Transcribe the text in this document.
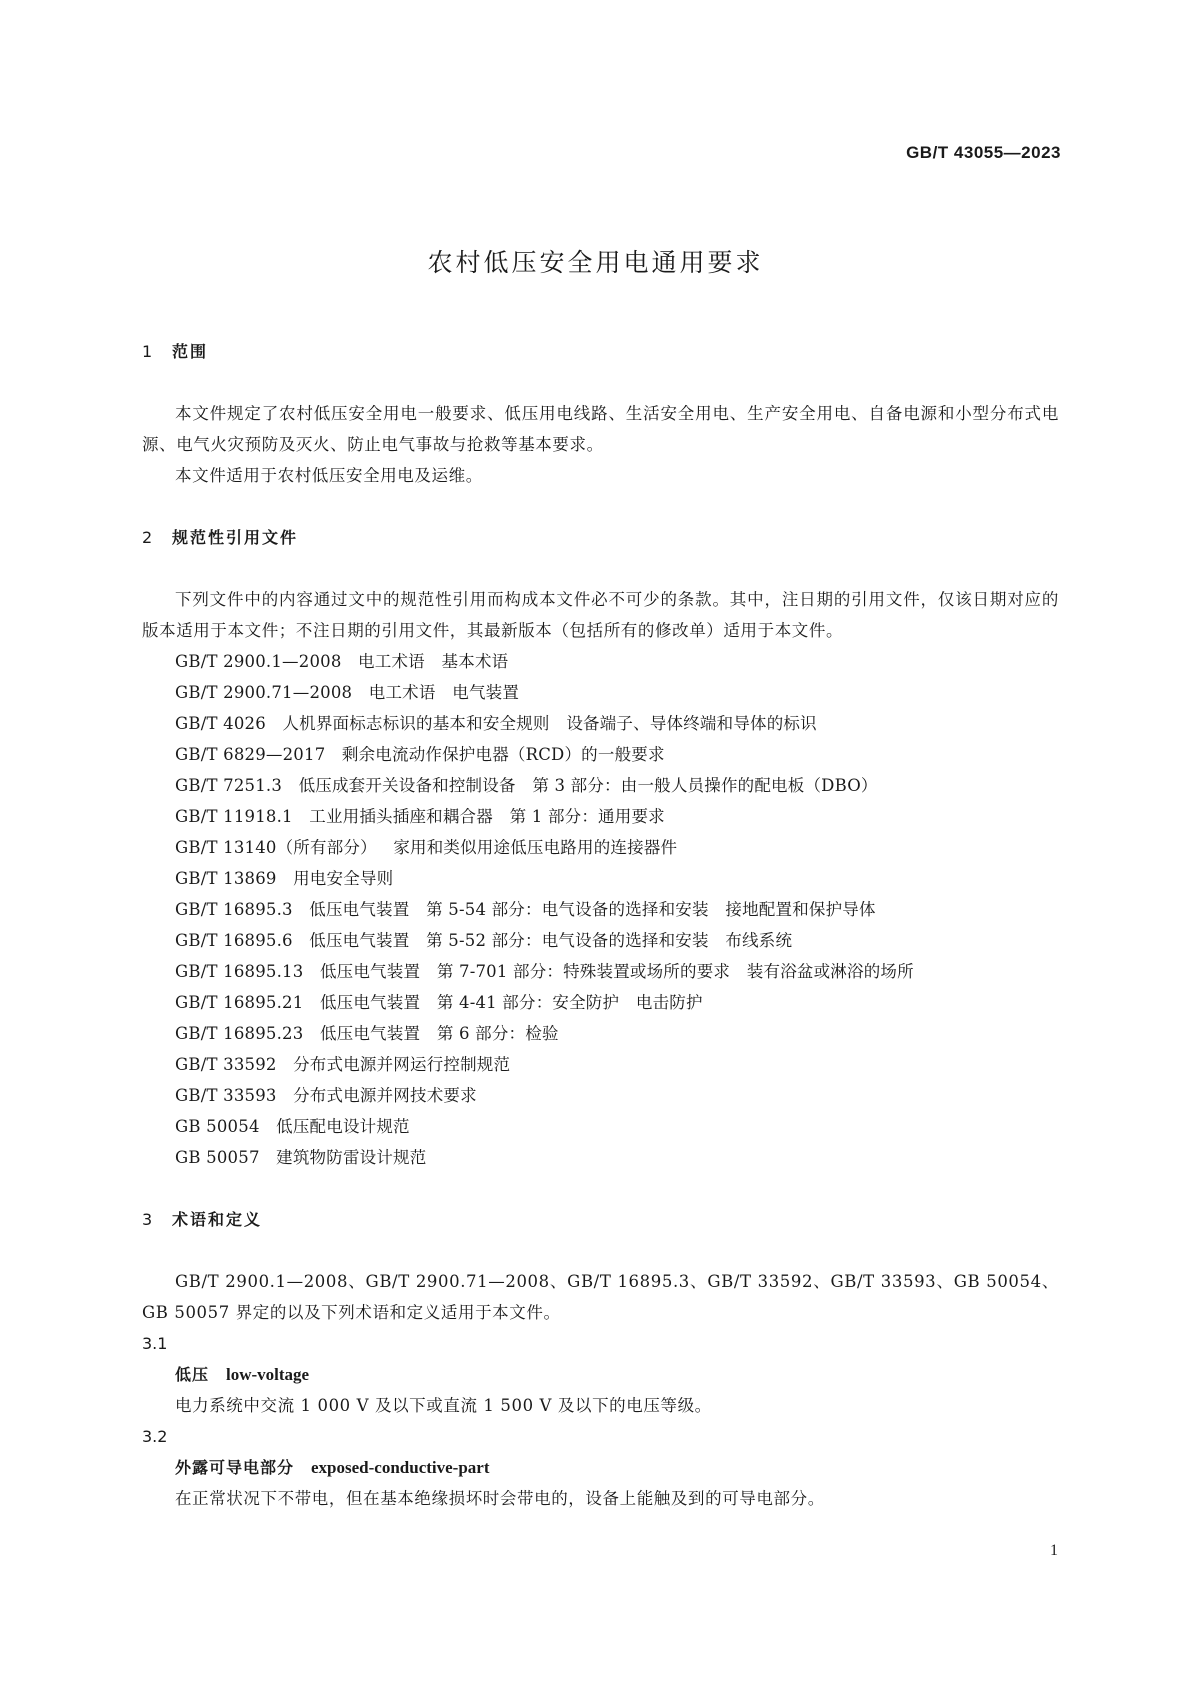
GB/T 43055—2023
农村低压安全用电通用要求
1 范围

本文件规定了农村低压安全用电一般要求、低压用电线路、生活安全用电、生产安全用电、自备电源和小型分布式电源、电气火灾预防及灭火、防止电气事故与抢救等基本要求。

本文件适用于农村低压安全用电及运维。

2 规范性引用文件

下列文件中的内容通过文中的规范性引用而构成本文件必不可少的条款。其中，注日期的引用文件，仅该日期对应的版本适用于本文件；不注日期的引用文件，其最新版本（包括所有的修改单）适用于本文件。

GB/T 2900.1—2008 电工术语　基本术语

GB/T 2900.71—2008 电工术语　电气装置

GB/T 4026 人机界面标志标识的基本和安全规则　设备端子、导体终端和导体的标识

GB/T 6829—2017 剩余电流动作保护电器（RCD）的一般要求

GB/T 7251.3 低压成套开关设备和控制设备　第 3 部分：由一般人员操作的配电板（DBO）

GB/T 11918.1 工业用插头插座和耦合器　第 1 部分：通用要求

GB/T 13140（所有部分） 家用和类似用途低压电路用的连接器件

GB/T 13869 用电安全导则

GB/T 16895.3 低压电气装置　第 5-54 部分：电气设备的选择和安装　接地配置和保护导体

GB/T 16895.6 低压电气装置　第 5-52 部分：电气设备的选择和安装　布线系统

GB/T 16895.13 低压电气装置　第 7-701 部分：特殊装置或场所的要求　装有浴盆或淋浴的场所

GB/T 16895.21 低压电气装置　第 4-41 部分：安全防护　电击防护

GB/T 16895.23 低压电气装置　第 6 部分：检验

GB/T 33592 分布式电源并网运行控制规范

GB/T 33593 分布式电源并网技术要求

GB 50054 低压配电设计规范

GB 50057 建筑物防雷设计规范

3 术语和定义

GB/T 2900.1—2008、GB/T 2900.71—2008、GB/T 16895.3、GB/T 33592、GB/T 33593、GB 50054、GB 50057 界定的以及下列术语和定义适用于本文件。

3.1

低压 low-voltage

电力系统中交流 1 000 V 及以下或直流 1 500 V 及以下的电压等级。

3.2

外露可导电部分 exposed-conductive-part

在正常状况下不带电，但在基本绝缘损坏时会带电的，设备上能触及到的可导电部分。

1
